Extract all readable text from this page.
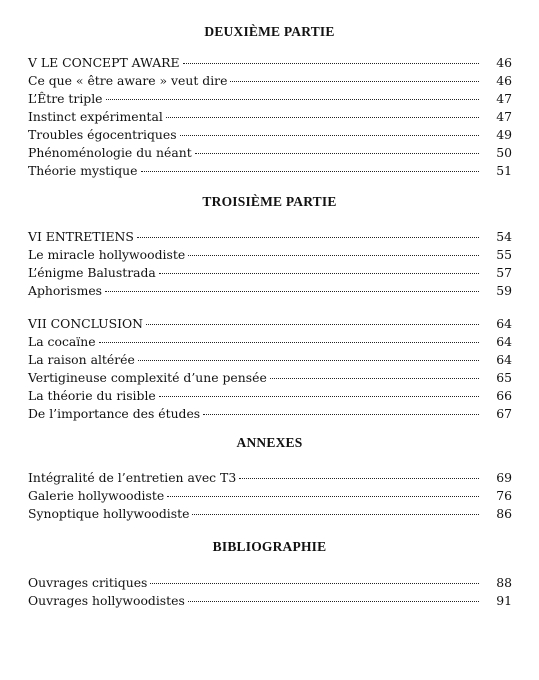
DEUXIÈME PARTIE
V LE CONCEPT AWARE	46
Ce que « être aware » veut dire	46
L’Être triple	47
Instinct expérimental	47
Troubles égocentriques	49
Phénoménologie du néant	50
Théorie mystique	51
TROISIÈME PARTIE
VI ENTRETIENS	54
Le miracle hollywoodiste	55
L’énigme Balustrada	57
Aphorismes	59
VII CONCLUSION	64
La cocaïne	64
La raison altérée	64
Vertigineuse complexité d’une pensée	65
La théorie du risible	66
De l’importance des études	67
ANNEXES
Intégralité de l’entretien avec T3	69
Galerie hollywoodiste	76
Synoptique hollywoodiste	86
BIBLIOGRAPHIE
Ouvrages critiques	88
Ouvrages hollywoodistes	91
